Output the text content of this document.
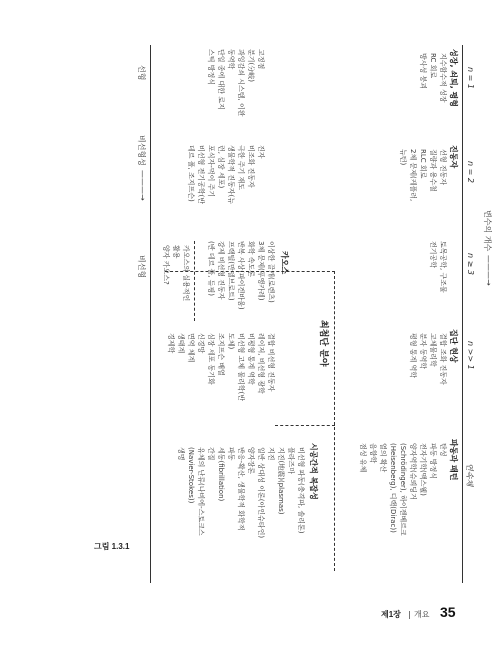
변수의 개수
———→
n = 1
n = 2
n ≥ 3
n >> 1
연속체
성장, 쇠퇴, 평형
지수함수적 성장
RC 회로
방사성 붕괴
진동자
선형 진동자
질량과 용수철
RLC 회로
2체 문제(케플러,
뉴턴)
토목공학, 구조물
전기공학
집단 현상
결합 조화 진동자
고체물리학
분자 동역학
평형 통계 역학
파동과 패턴
탄성
파동 방정식
전자기학(맥스웰)
양자역학(슈뢰딩거
(Schrödinger), 하이젠베르크
(Heisenberg), 디랙(Dirac))
열의 확산
음향학
점성 유체
최첨단 분야
고정점
분기(分岐)
과잉감쇠 시스템, 이완
동역학
단일 종에 대한 로지
스틱 방정식
진자
비조화 진동자
극한 주기 재도
생물학적 진동자(뉴
런, 심장 세포)
포식자-먹이 주기
비선형 전기공학(반
데르 폴, 조지프슨)
카오스
이상한 끌개(로렌츠)
3체 문제(푸앵카레)
화학 속도론
반복 사상(파이겐바움)
프랙털(만델브로트)
강제 비선형 진동자
(반 데르 폴, 듀핑)
카오스의 실용적인
활용
양자 카오스?
결합 비선형 진동자
레이저, 비선형 광학
비평형 통계 역학
비선형 고체 물리학(반
도체)
조지프슨 배열
심장 세포 동기화
신경망
면역 체계
생태계
경제학
시공간적 복잡성
비선형 파동(충격파, 솔리톤)
플라즈마
지진(地震)(plasmas)
지진
일반 상대성 이론(아인슈타인)
양자장론
반응-확산, 생물학적 화학적
파동
세동(fibrillation)
간질
유체의 난류(나비에-스토크스
(Navier-Stokes))
생명
선형
비선형성
———→
비선형
그림 1.3.1
제1장 개요 35
